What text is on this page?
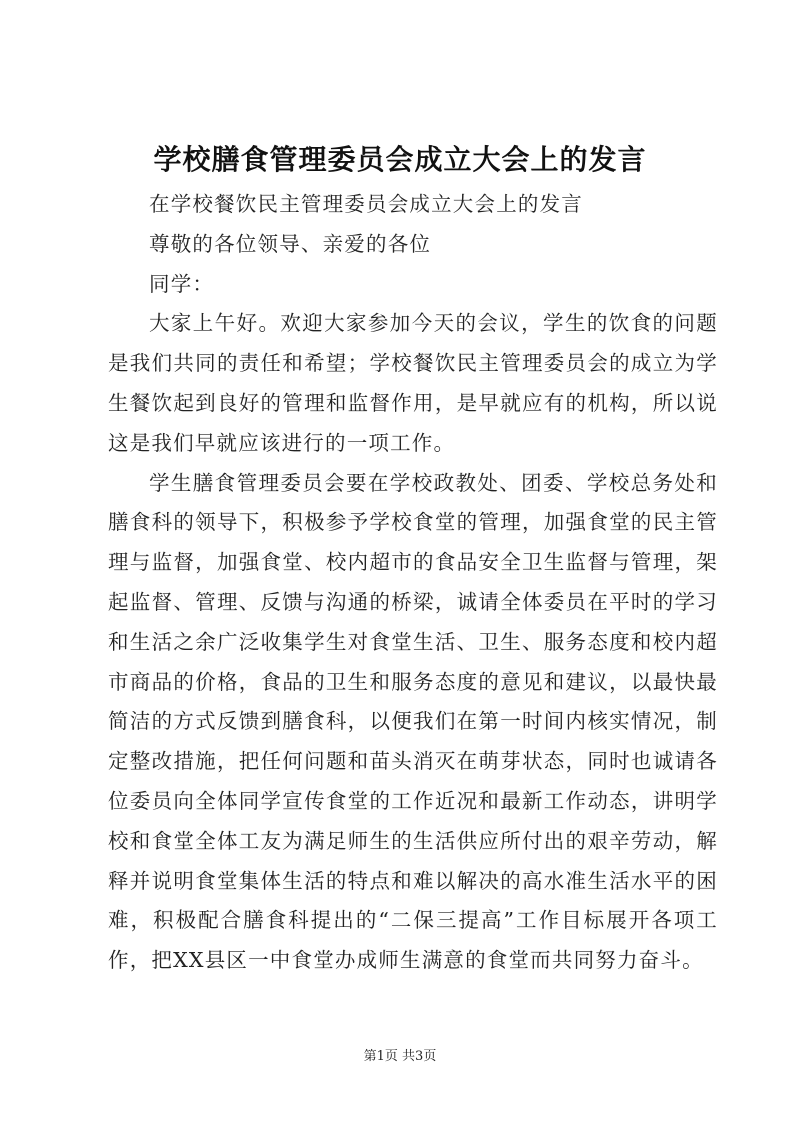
学校膳食管理委员会成立大会上的发言

在学校餐饮民主管理委员会成立大会上的发言

尊敬的各位领导、亲爱的各位

同学：

大家上午好。欢迎大家参加今天的会议，学生的饮食的问题是我们共同的责任和希望；学校餐饮民主管理委员会的成立为学生餐饮起到良好的管理和监督作用，是早就应有的机构，所以说这是我们早就应该进行的一项工作。

学生膳食管理委员会要在学校政教处、团委、学校总务处和膳食科的领导下，积极参予学校食堂的管理，加强食堂的民主管理与监督，加强食堂、校内超市的食品安全卫生监督与管理，架起监督、管理、反馈与沟通的桥梁，诚请全体委员在平时的学习和生活之余广泛收集学生对食堂生活、卫生、服务态度和校内超市商品的价格，食品的卫生和服务态度的意见和建议，以最快最简洁的方式反馈到膳食科，以便我们在第一时间内核实情况，制定整改措施，把任何问题和苗头消灭在萌芽状态，同时也诚请各位委员向全体同学宣传食堂的工作近况和最新工作动态，讲明学校和食堂全体工友为满足师生的生活供应所付出的艰辛劳动，解释并说明食堂集体生活的特点和难以解决的高水准生活水平的困难，积极配合膳食科提出的“二保三提高”工作目标展开各项工作，把XX县区一中食堂办成师生满意的食堂而共同努力奋斗。

第1页 共3页
